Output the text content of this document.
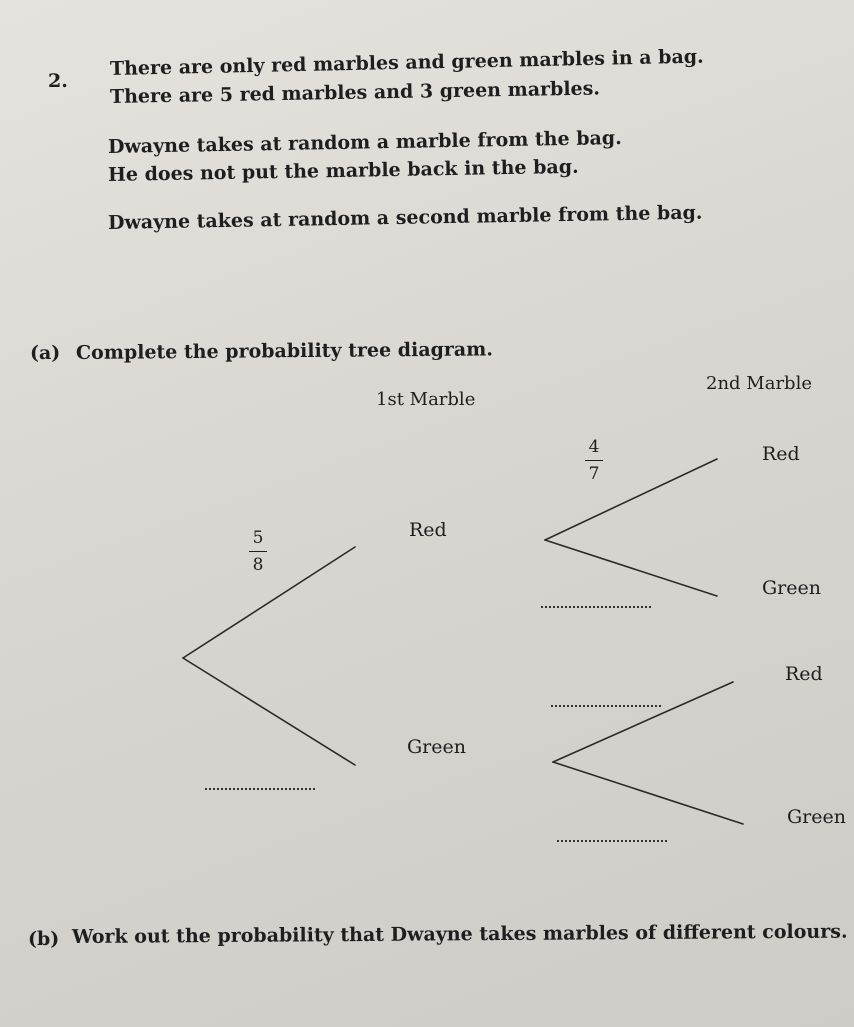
2.
There are only red marbles and green marbles in a bag.
There are 5 red marbles and 3 green marbles.
Dwayne takes at random a marble from the bag.
He does not put the marble back in the bag.
Dwayne takes at random a second marble from the bag.
(a) Complete the probability tree diagram.
1st Marble
2nd Marble
5
8
Red
Green
4
7
Red
Green
Red
Green
(b) Work out the probability that Dwayne takes marbles of different colours.
